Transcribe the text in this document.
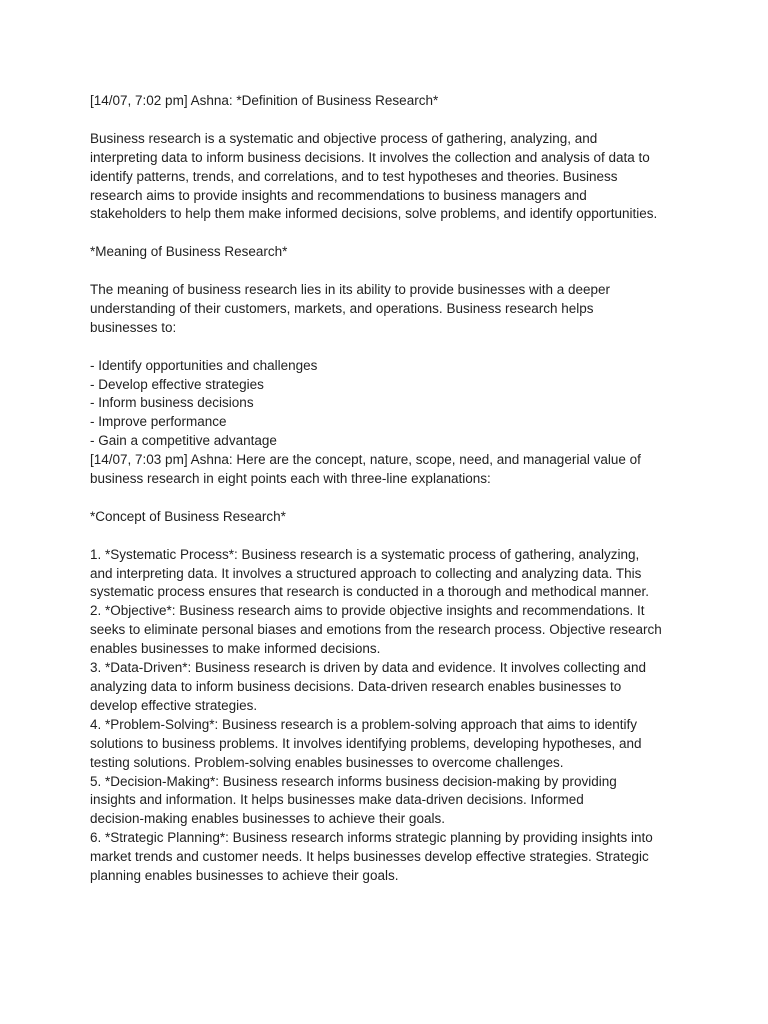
[14/07, 7:02 pm] Ashna: *Definition of Business Research*

Business research is a systematic and objective process of gathering, analyzing, and
interpreting data to inform business decisions. It involves the collection and analysis of data to
identify patterns, trends, and correlations, and to test hypotheses and theories. Business
research aims to provide insights and recommendations to business managers and
stakeholders to help them make informed decisions, solve problems, and identify opportunities.

*Meaning of Business Research*

The meaning of business research lies in its ability to provide businesses with a deeper
understanding of their customers, markets, and operations. Business research helps
businesses to:

- Identify opportunities and challenges
- Develop effective strategies
- Inform business decisions
- Improve performance
- Gain a competitive advantage

[14/07, 7:03 pm] Ashna: Here are the concept, nature, scope, need, and managerial value of
business research in eight points each with three-line explanations:

*Concept of Business Research*

1. *Systematic Process*: Business research is a systematic process of gathering, analyzing,
and interpreting data. It involves a structured approach to collecting and analyzing data. This
systematic process ensures that research is conducted in a thorough and methodical manner.
2. *Objective*: Business research aims to provide objective insights and recommendations. It
seeks to eliminate personal biases and emotions from the research process. Objective research
enables businesses to make informed decisions.
3. *Data-Driven*: Business research is driven by data and evidence. It involves collecting and
analyzing data to inform business decisions. Data-driven research enables businesses to
develop effective strategies.
4. *Problem-Solving*: Business research is a problem-solving approach that aims to identify
solutions to business problems. It involves identifying problems, developing hypotheses, and
testing solutions. Problem-solving enables businesses to overcome challenges.
5. *Decision-Making*: Business research informs business decision-making by providing
insights and information. It helps businesses make data-driven decisions. Informed
decision-making enables businesses to achieve their goals.
6. *Strategic Planning*: Business research informs strategic planning by providing insights into
market trends and customer needs. It helps businesses develop effective strategies. Strategic
planning enables businesses to achieve their goals.
